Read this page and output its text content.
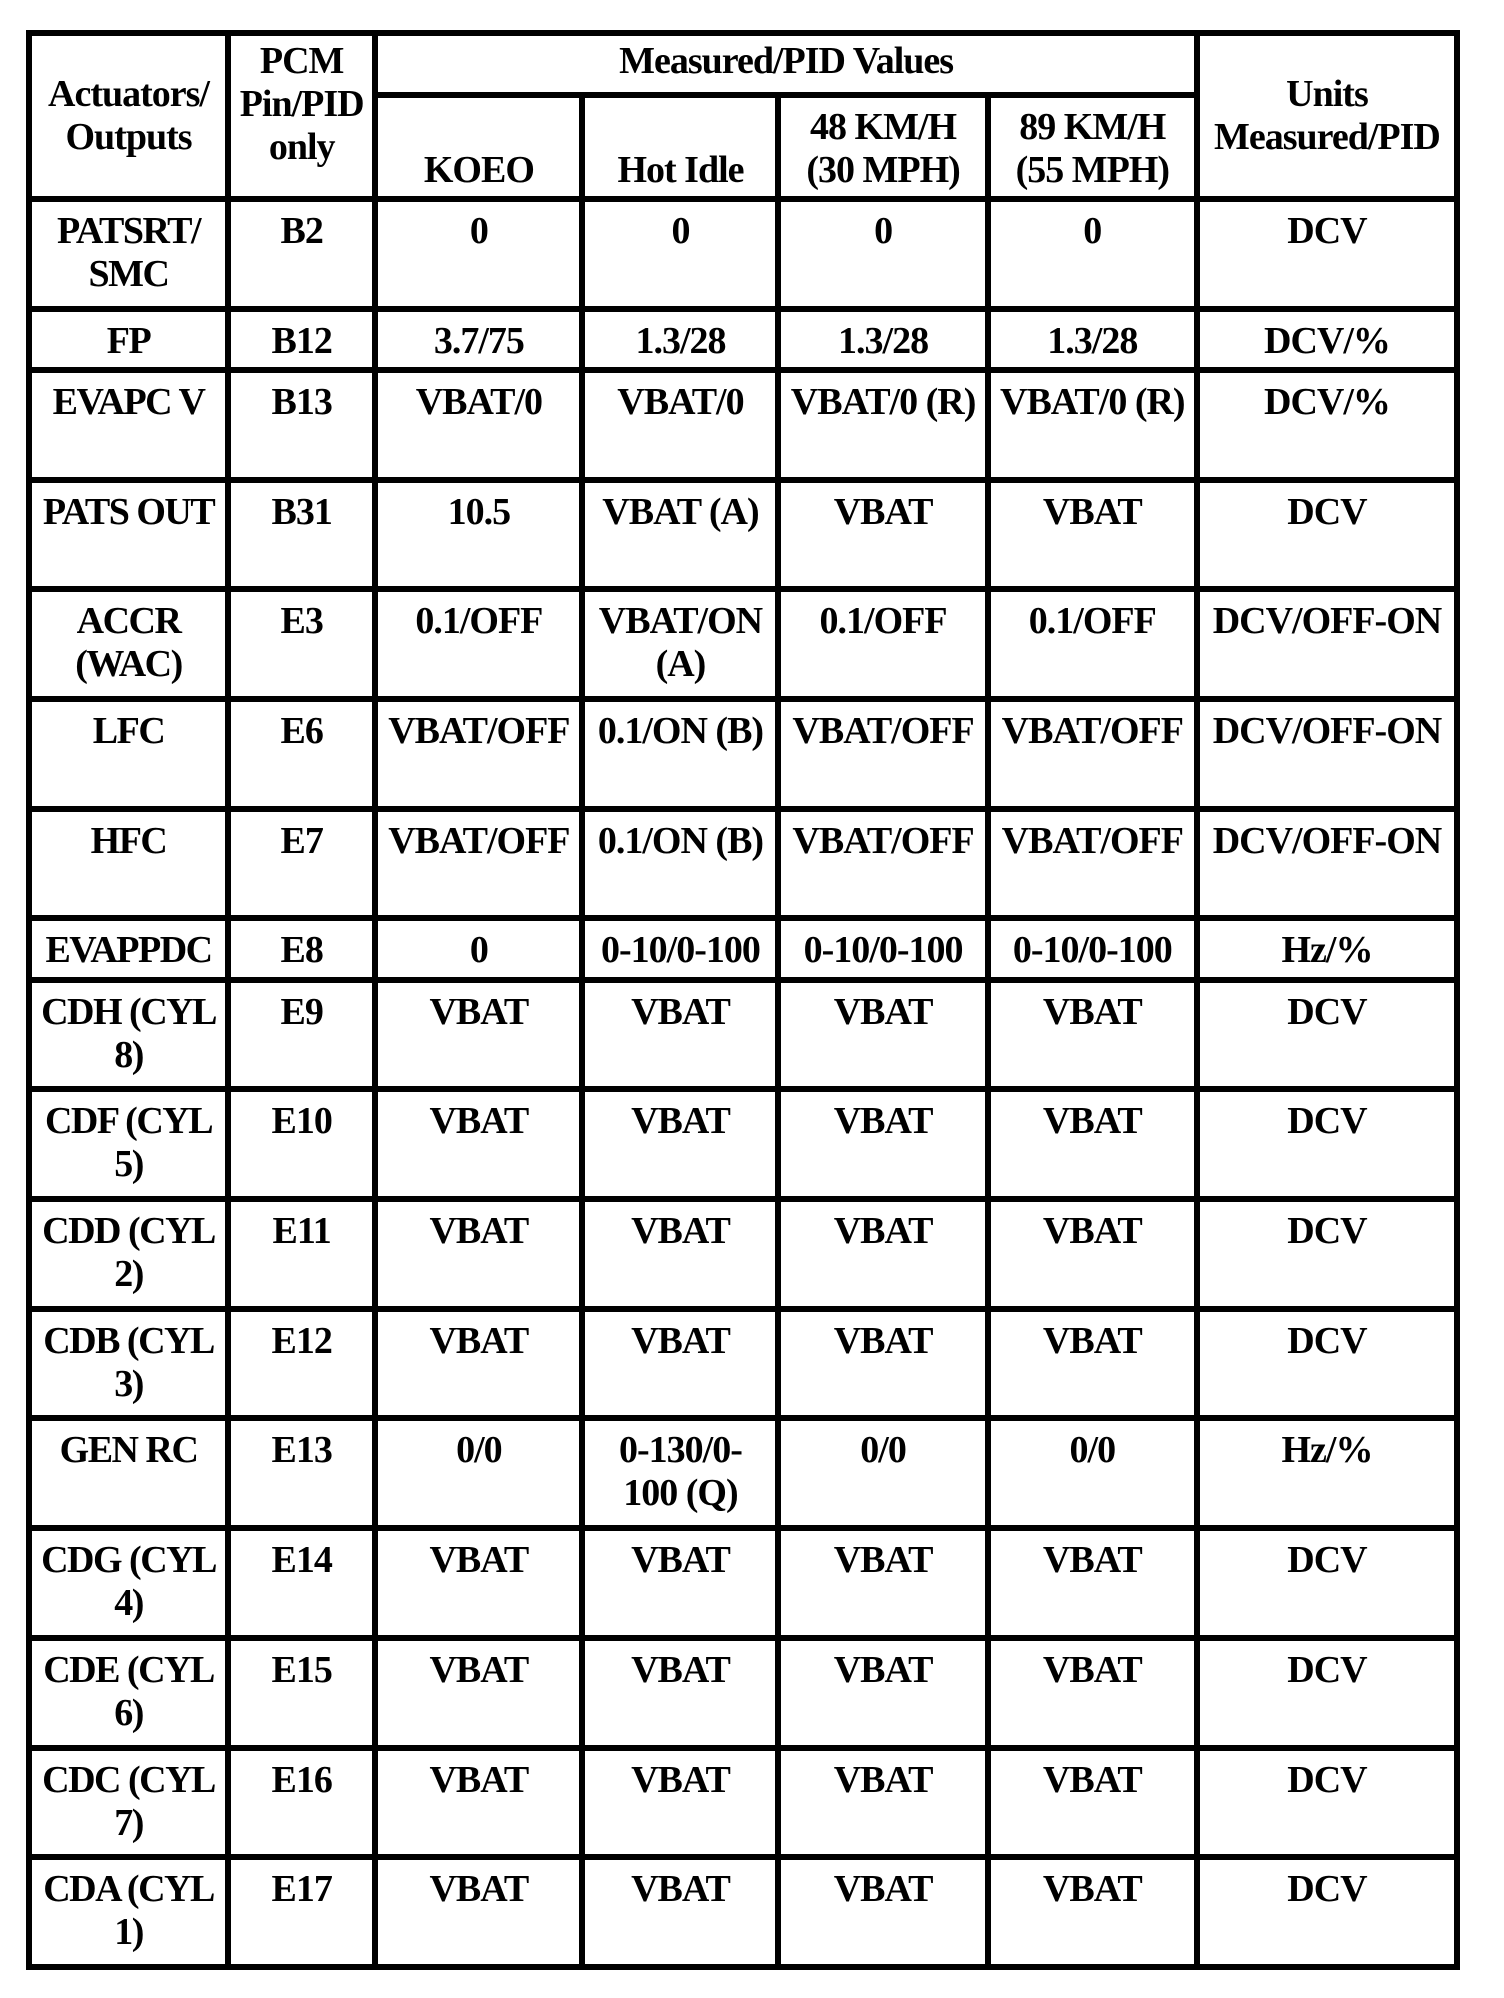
Actuators/ Outputs	PCM Pin/PID only	Measured/PID Values				Units Measured/PID
		KOEO	Hot Idle	48 KM/H (30 MPH)	89 KM/H (55 MPH)	
PATSRT/ SMC	B2	0	0	0	0	DCV
FP	B12	3.7/75	1.3/28	1.3/28	1.3/28	DCV/%
EVAPC V	B13	VBAT/0	VBAT/0	VBAT/0 (R)	VBAT/0 (R)	DCV/%
PATS OUT	B31	10.5	VBAT (A)	VBAT	VBAT	DCV
ACCR (WAC)	E3	0.1/OFF	VBAT/ON (A)	0.1/OFF	0.1/OFF	DCV/OFF-ON
LFC	E6	VBAT/OFF	0.1/ON (B)	VBAT/OFF	VBAT/OFF	DCV/OFF-ON
HFC	E7	VBAT/OFF	0.1/ON (B)	VBAT/OFF	VBAT/OFF	DCV/OFF-ON
EVAPPDC	E8	0	0-10/0-100	0-10/0-100	0-10/0-100	Hz/%
CDH (CYL 8)	E9	VBAT	VBAT	VBAT	VBAT	DCV
CDF (CYL 5)	E10	VBAT	VBAT	VBAT	VBAT	DCV
CDD (CYL 2)	E11	VBAT	VBAT	VBAT	VBAT	DCV
CDB (CYL 3)	E12	VBAT	VBAT	VBAT	VBAT	DCV
GEN RC	E13	0/0	0-130/0- 100 (Q)	0/0	0/0	Hz/%
CDG (CYL 4)	E14	VBAT	VBAT	VBAT	VBAT	DCV
CDE (CYL 6)	E15	VBAT	VBAT	VBAT	VBAT	DCV
CDC (CYL 7)	E16	VBAT	VBAT	VBAT	VBAT	DCV
CDA (CYL 1)	E17	VBAT	VBAT	VBAT	VBAT	DCV
